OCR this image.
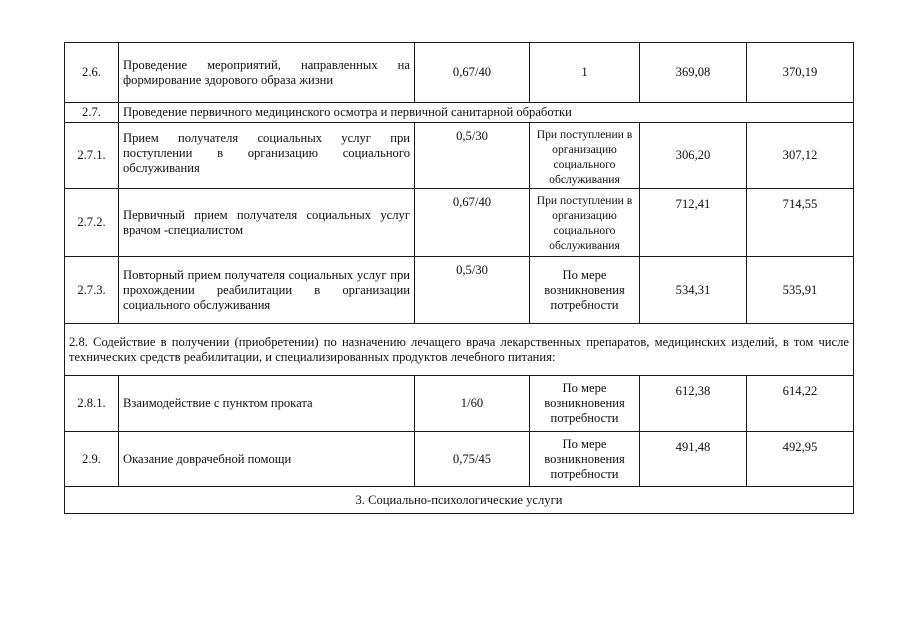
2.6.	Проведение мероприятий, направленных на формирование здорового образа жизни	0,67/40	1	369,08	370,19
2.7.	Проведение первичного медицинского осмотра и первичной санитарной обработки				
2.7.1.	Прием получателя социальных услуг при поступлении в организацию социального обслуживания	0,5/30	При поступлении в организацию социального обслуживания	306,20	307,12
2.7.2.	Первичный прием получателя социальных услуг врачом -специалистом	0,67/40	При поступлении в организацию социального обслуживания	712,41	714,55
2.7.3.	Повторный прием получателя социальных услуг при прохождении реабилитации в организации социального обслуживания	0,5/30	По мере возникновения потребности	534,31	535,91
2.8. Содействие в получении (приобретении) по назначению лечащего врача лекарственных препаратов, медицинских изделий, в том числе технических средств реабилитации, и специализированных продуктов лечебного питания:					
2.8.1.	Взаимодействие с пунктом проката	1/60	По мере возникновения потребности	612,38	614,22
2.9.	Оказание доврачебной помощи	0,75/45	По мере возникновения потребности	491,48	492,95
3. Социально-психологические услуги					
